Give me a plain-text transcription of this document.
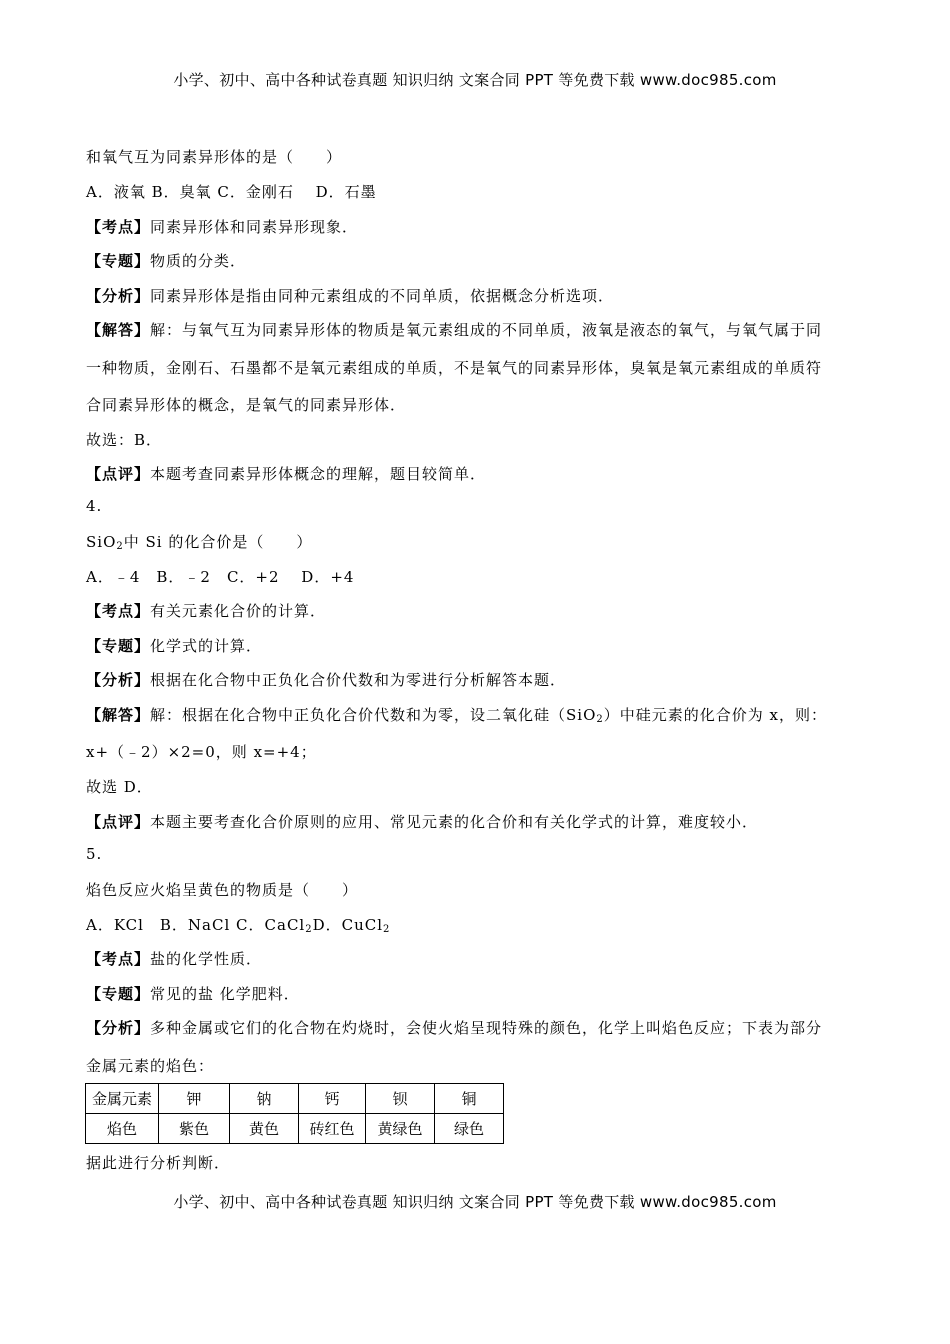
小学、初中、高中各种试卷真题 知识归纳 文案合同 PPT 等免费下载 www.doc985.com
和氧气互为同素异形体的是（　　）
A．液氧 B．臭氧 C．金刚石　 D．石墨
【考点】同素异形体和同素异形现象．
【专题】物质的分类．
【分析】同素异形体是指由同种元素组成的不同单质，依据概念分析选项．
【解答】解：与氧气互为同素异形体的物质是氧元素组成的不同单质，液氧是液态的氧气，与氧气属于同
一种物质，金刚石、石墨都不是氧元素组成的单质，不是氧气的同素异形体，臭氧是氧元素组成的单质符
合同素异形体的概念，是氧气的同素异形体．
故选：B．
【点评】本题考查同素异形体概念的理解，题目较简单．
4.
SiO$_2$中 Si 的化合价是（　　）
A．﹣4　B．﹣2　C．+2　 D．+4
【考点】有关元素化合价的计算．
【专题】化学式的计算．
【分析】根据在化合物中正负化合价代数和为零进行分析解答本题．
【解答】解：根据在化合物中正负化合价代数和为零，设二氧化硅（SiO$_2$）中硅元素的化合价为 x，则：
x+（﹣2）×2=0，则 x=+4；
故选 D．
【点评】本题主要考查化合价原则的应用、常见元素的化合价和有关化学式的计算，难度较小．
5.
焰色反应火焰呈黄色的物质是（　　）
A．KCl　B．NaCl C．CaCl$_2$D．CuCl$_2$
【考点】盐的化学性质．
【专题】常见的盐 化学肥料．
【分析】多种金属或它们的化合物在灼烧时，会使火焰呈现特殊的颜色，化学上叫焰色反应；下表为部分
金属元素的焰色：
金属元素	钾	钠	钙	钡	铜
焰色	紫色	黄色	砖红色	黄绿色	绿色
据此进行分析判断．
小学、初中、高中各种试卷真题 知识归纳 文案合同 PPT 等免费下载 www.doc985.com
